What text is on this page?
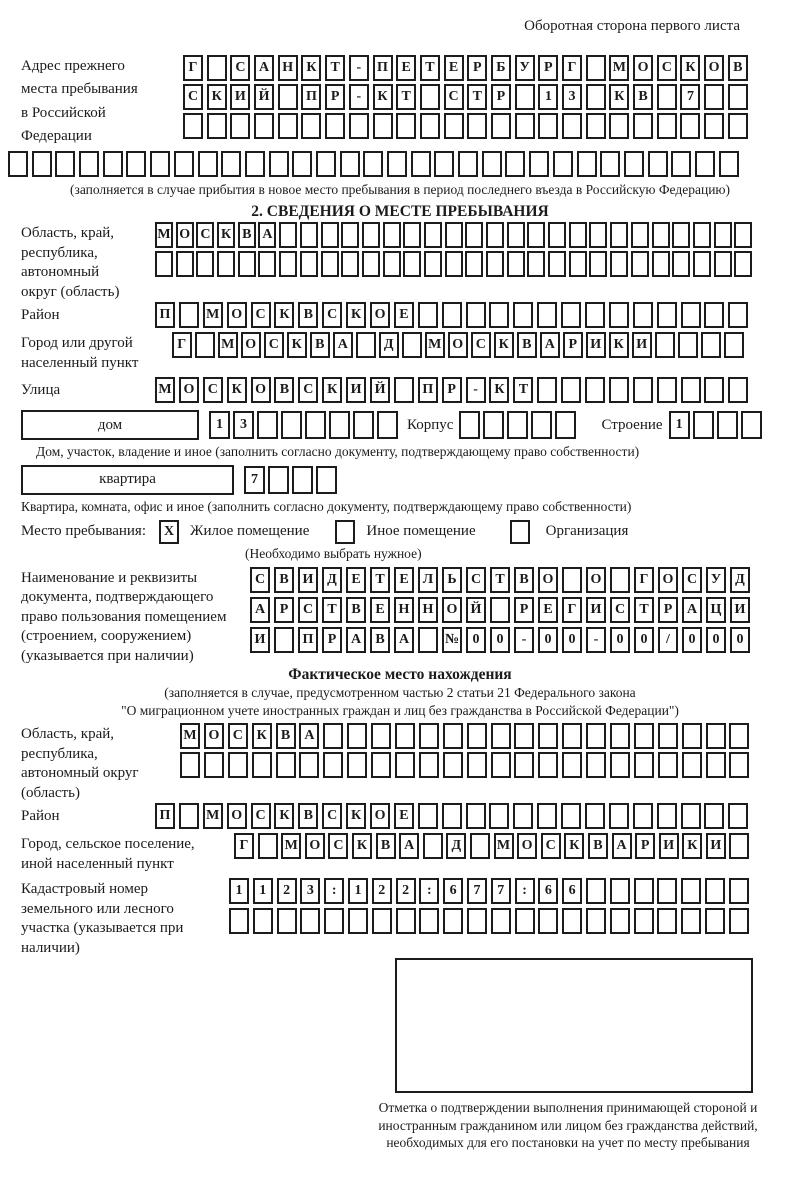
Оборотная сторона первого листа
Адрес прежнего места пребывания в Российской Федерации
Г	С А Н К Т	-	П Е	Т	Е	Р	Б У	Р	Г	М О С К О В
С К И Й	П Р	-	К Т	С Т	Р	1	3	К В	7
(заполняется в случае прибытия в новое место пребывания в период последнего въезда в Российскую Федерацию)
2. СВЕДЕНИЯ О МЕСТЕ ПРЕБЫВАНИЯ
Область, край, республика, автономный округ (область)
М О С К В А
Район	П	М О С К	В	С К О Е
Город или другой населенный пункт
Г	М О С К В А	Д	М О С К В А Р И К И
Улица	М О С К О В	С К И Й	П	Р	-	К	Т
дом	1	3	Корпус	Строение 1
Дом, участок, владение и иное (заполнить согласно документу, подтверждающему право собственности)
квартира	7
Квартира, комната, офис и иное (заполнить согласно документу, подтверждающему право собственности)
Место пребывания: X Жилое помещение	Иное помещение	Организация
(Необходимо выбрать нужное)
Наименование и реквизиты документа, подтверждающего право пользования помещением (строением, сооружением) (указывается при наличии)
С	В И Д	Е	Т	Е	Л	Ь	С	Т	В О	О	Г	О С У	Д
А	Р	С	Т	В	Е Н Н О Й	Р	Е	Г	И С	Т	Р	А Ц И
И	П	Р	А	В	А	№ 0	0	-	0	0	-	0	0	/	0	0	0
Фактическое место нахождения
(заполняется в случае, предусмотренном частью 2 статьи 21 Федерального закона
"О миграционном учете иностранных граждан и лиц без гражданства в Российской Федерации")
Область, край, республика, автономный округ (область)
М О С К	В	А
Район	П	М О С К	В	С К О Е
Город, сельское поселение, иной населенный пункт
Г	М О С К В А	Д	М О С К В А	Р И К И
Кадастровый номер земельного или лесного участка (указывается при наличии)
1	1	2	3	:	1	2	2	:	6	7	7	:	6	6
Отметка о подтверждении выполнения принимающей стороной и иностранным гражданином или лицом без гражданства действий, необходимых для его постановки на учет по месту пребывания
